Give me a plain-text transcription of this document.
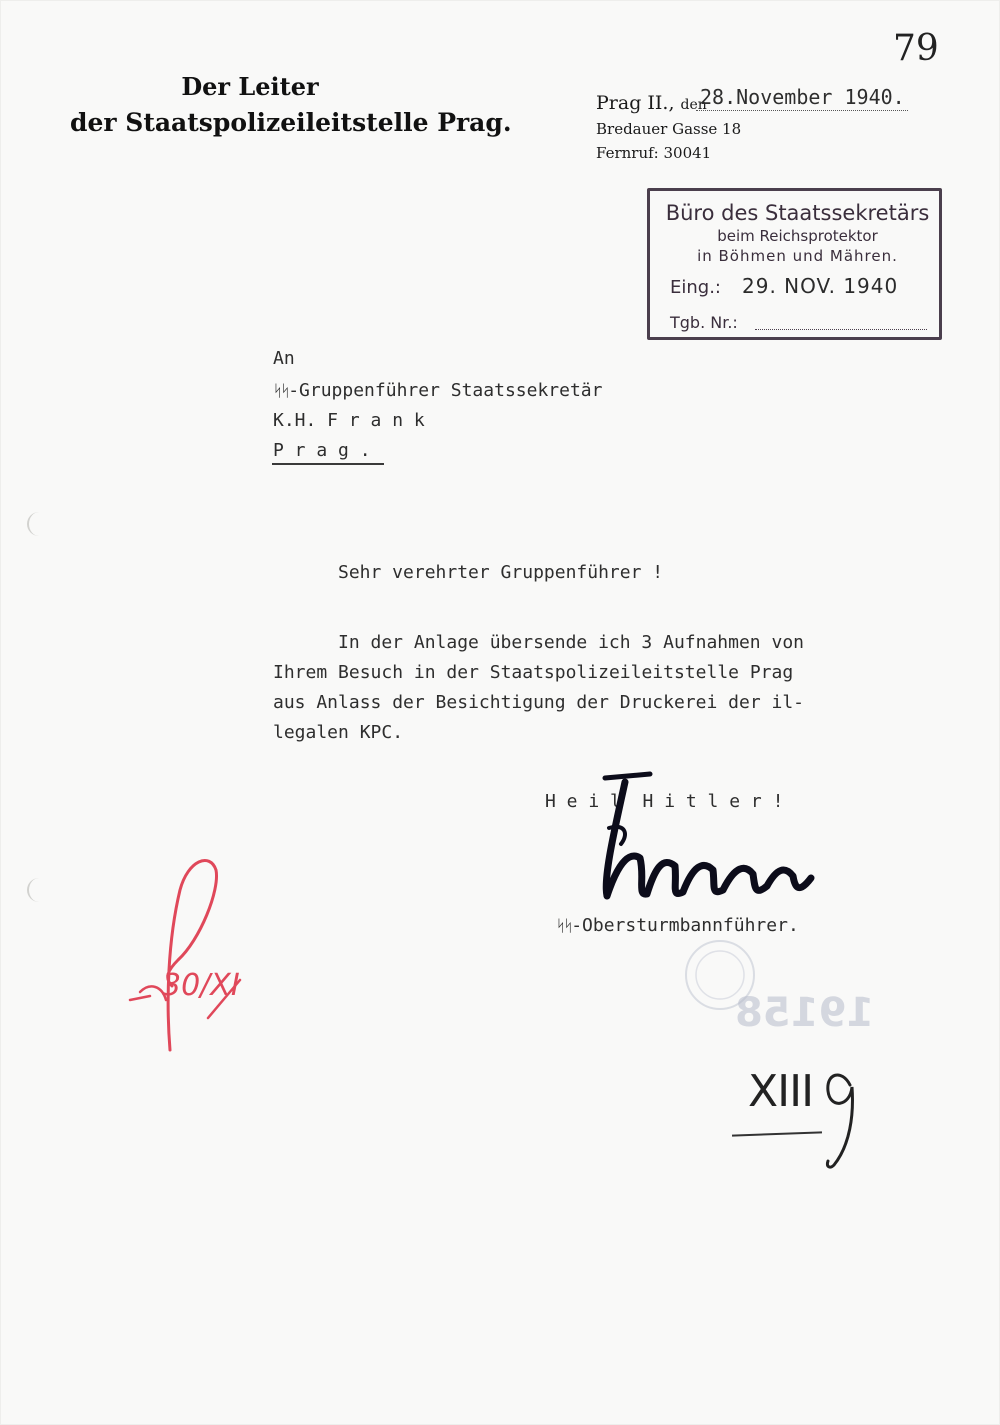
79
Der Leiter
der Staatspolizeileitstelle Prag.
Prag II., den
28.November 1940.
Bredauer Gasse 18
Fernruf: 30041
Büro des Staatssekretärs
beim Reichsprotektor
in Böhmen und Mähren.
Eing.: 29. NOV. 1940
Tgb. Nr.:
An
ᛋᛋ-Gruppenführer Staatssekretär
K.H. F r a n k
P r a g .
Sehr verehrter Gruppenführer !
In der Anlage übersende ich 3 Aufnahmen von
Ihrem Besuch in der Staatspolizeileitstelle Prag
aus Anlass der Besichtigung der Druckerei der il-
legalen KPC.
H e i l  H i t l e r !
ᛋᛋ-Obersturmbannführer.
30/XI
19158
XIII
